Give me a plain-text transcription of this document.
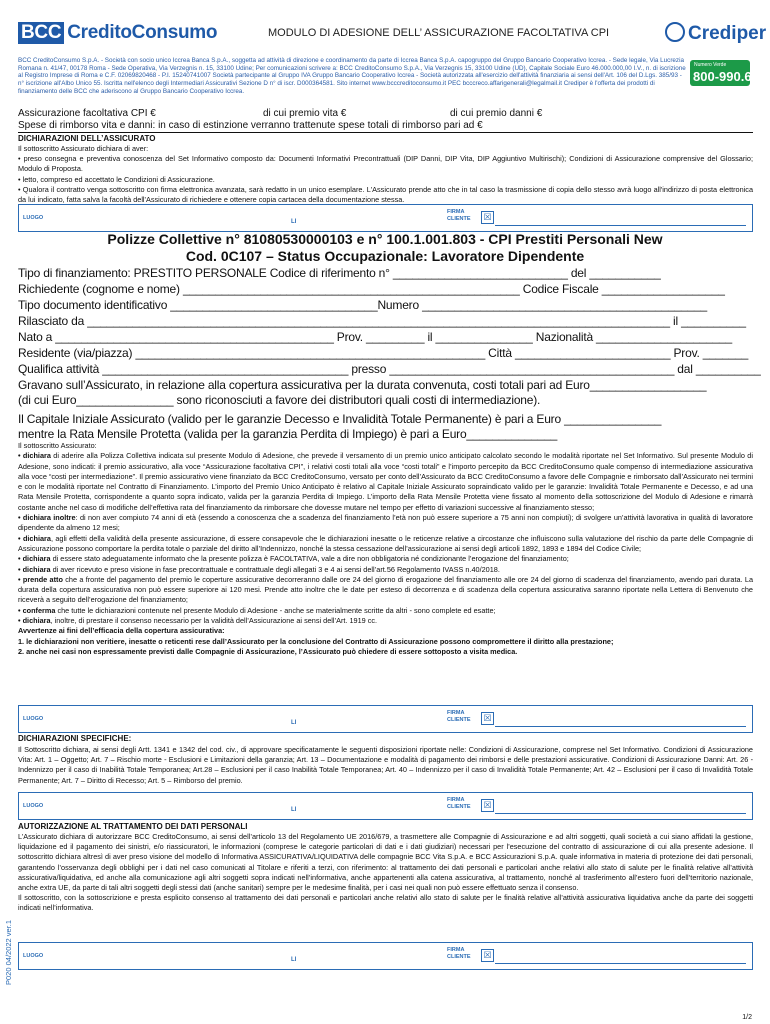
BCC CreditoConsumo	MODULO DI ADESIONE DELL’ ASSICURAZIONE FACOLTATIVA CPI	Crediper
Numero Verde
800-990.620
BCC CreditoConsumo S.p.A. - Società con socio unico Iccrea Banca S.p.A., soggetta ad attività di direzione e coordinamento da parte di Iccrea Banca S.p.A. capogruppo del Gruppo Bancario Cooperativo Iccrea. - Sede legale, Via Lucrezia Romana n. 41/47, 00178 Roma - Sede Operativa, Via Verzegnis n. 15, 33100 Udine; Per comunicazioni scrivere a: BCC CreditoConsumo S.p.A., Via Verzegnis 15, 33100 Udine (UD), Capitale Sociale Euro 46.000.000,00 I.V., n. di iscrizione al Registro Imprese di Roma e C.F. 02069820468 - P.I. 15240741007 Società partecipante al Gruppo IVA Gruppo Bancario Cooperativo Iccrea - Società autorizzata all'esercizio dell'attività finanziaria ai sensi dell'Art. 106 del D.Lgs. 385/93 - n° iscrizione all'Albo Unico 55. Iscritta nell'elenco degli Intermediari Assicurativi Sezione D n° di iscr. D000364581. Sito internet www.bcccreditoconsumo.it PEC bcccreco.affarigenerali@legalmail.it Crediper è l'offerta dei prodotti di finanziamento delle BCC che aderiscono al Gruppo Bancario Cooperativo Iccrea.
Assicurazione facoltativa CPI €	di cui premio vita €	di cui premio danni €
Spese di rimborso vita e danni: in caso di estinzione verranno trattenute spese totali di rimborso pari ad €
DICHIARAZIONI DELL’ASSICURATO
Il sottoscritto Assicurato dichiara di aver:
• preso consegna e preventiva conoscenza del Set Informativo composto da: Documenti Informativi Precontrattuali (DIP Danni, DIP Vita, DIP Aggiuntivo Multirischi); Condizioni di Assicurazione comprensive del Glossario; Modulo di Proposta.
• letto, compreso ed accettato le Condizioni di Assicurazione.
• Qualora il contratto venga sottoscritto con firma elettronica avanzata, sarà redatto in un unico esemplare. L'Assicurato prende atto che in tal caso la trasmissione di copia dello stesso avrà luogo all'indirizzo di posta elettronica da lui indicato, fatta salva la facoltà dell'Assicurato di richiedere e ottenere copia cartacea della documentazione stessa.
LUOGO
LI
FIRMA
CLIENTE ☒
Polizze Collettive n° 81080530000103 e n° 100.1.001.803 - CPI Prestiti Personali New
Cod. 0C107 – Status Occupazionale: Lavoratore Dipendente
Tipo di finanziamento: PRESTITO PERSONALE Codice di riferimento n° ___________________________ del ___________
Richiedente (cognome e nome) ____________________________________________________ Codice Fiscale ___________________
Tipo documento identificativo ________________________________Numero ____________________________________________
Rilasciato da __________________________________________________________________________________________ il __________
Nato a ___________________________________________ Prov. _________ il _______________ Nazionalità _____________________
Residente (via/piazza) ______________________________________________________ Città ________________________ Prov. _______
Qualifica attività ______________________________________ presso ____________________________________________ dal __________
Gravano sull’Assicurato, in relazione alla copertura assicurativa per la durata convenuta, costi totali pari ad Euro__________________
(di cui Euro_______________ sono riconosciuti a favore dei distributori quali costi di intermediazione).
Il Capitale Iniziale Assicurato (valido per le garanzie Decesso e Invalidità Totale Permanente) è pari a Euro _______________
mentre la Rata Mensile Protetta (valida per la garanzia Perdita di Impiego) è pari a Euro______________
Il sottoscritto Assicurato:
• dichiara di aderire alla Polizza Collettiva indicata sul presente Modulo di Adesione, che prevede il versamento di un premio unico anticipato calcolato secondo le modalità riportate nel Set Informativo. Sul presente Modulo di Adesione, sono indicati: il premio assicurativo, alla voce “Assicurazione facoltativa CPI”, i relativi costi totali alla voce “costi totali” e l’importo percepito da BCC CreditoConsumo quale compenso di intermediazione assicurativa alla voce “costi per intermediazione”. Il premio assicurativo viene finanziato da BCC CreditoConsumo, versato per conto dell’Assicurato da BCC CreditoConsumo a favore delle Compagnie e rimborsato dall’Assicurato nei termini e con le modalità riportate nel Contratto di Finanziamento. L’importo del Premio Unico Anticipato è relativo al Capitale Iniziale Assicurato sopraindicato valido per le garanzie: Invalidità Totale Permanente e Decesso, e ad una Rata Mensile Protetta, corrispondente a quanto sopra indicato, valida per la garanzia Perdita di Impiego. L’importo della Rata Mensile Protetta viene fissato al momento della sottoscrizione del Modulo di Adesione e rimarrà costante anche nel caso di modifiche dell’effettiva rata del finanziamento da rimborsare che dovesse mutare nel tempo per effetto di variazioni successive al finanziamento stesso;
• dichiara inoltre: di non aver compiuto 74 anni di età (essendo a conoscenza che a scadenza del finanziamento l’età non può essere superiore a 75 anni non compiuti); di svolgere un’attività lavorativa in qualità di lavoratore dipendente da almeno 12 mesi;
• dichiara, agli effetti della validità della presente assicurazione, di essere consapevole che le dichiarazioni inesatte o le reticenze relative a circostanze che influiscono sulla valutazione del rischio da parte delle Compagnie di Assicurazione possono comportare la perdita totale o parziale del diritto all’Indennizzo, nonché la stessa cessazione dell’assicurazione ai sensi degli articoli 1892, 1893 e 1894 del Codice Civile;
• dichiara di essere stato adeguatamente informato che la presente polizza è FACOLTATIVA, vale a dire non obbligatoria né condizionante l’erogazione del finanziamento;
• dichiara di aver ricevuto e preso visione in fase precontrattuale e contrattuale degli allegati 3 e 4 ai sensi dell’art.56 Regolamento IVASS n.40/2018.
• prende atto che a fronte del pagamento del premio le coperture assicurative decorreranno dalle ore 24 del giorno di erogazione del finanziamento alle ore 24 del giorno di scadenza del finanziamento, avendo pari durata. La durata della copertura assicurativa non può essere superiore ai 120 mesi. Prende atto inoltre che le date per esteso di decorrenza e di scadenza della copertura assicurativa saranno riportate nella Lettera di Benvenuto che riceverà a seguito dell’erogazione del finanziamento;
• conferma che tutte le dichiarazioni contenute nel presente Modulo di Adesione - anche se materialmente scritte da altri - sono complete ed esatte;
• dichiara, inoltre, di prestare il consenso necessario per la validità dell’Assicurazione ai sensi dell’Art. 1919 cc.
Avvertenze ai fini dell’efficacia della copertura assicurativa:
1. le dichiarazioni non veritiere, inesatte o reticenti rese dall’Assicurato per la conclusione del Contratto di Assicurazione possono compromettere il diritto alla prestazione;
2. anche nei casi non espressamente previsti dalle Compagnie di Assicurazione, l’Assicurato può chiedere di essere sottoposto a visita medica.
LUOGO
LI
FIRMA
CLIENTE ☒
DICHIARAZIONI SPECIFICHE:
Il Sottoscritto dichiara, ai sensi degli Artt. 1341 e 1342 del cod. civ., di approvare specificatamente le seguenti disposizioni riportate nelle: Condizioni di Assicurazione, comprese nel Set Informativo. Condizioni di Assicurazione Vita: Art. 1 – Oggetto; Art. 7 – Rischio morte - Esclusioni e Limitazioni della garanzia; Art. 13 – Documentazione e modalità di pagamento dei rimborsi e delle prestazioni assicurative. Condizioni di Assicurazione Danni: Art. 26 - Indennizzo per il caso di Inabilità Totale Temporanea; Art.28 – Esclusioni per il caso Inabilità Totale Temporanea; Art. 40 – Indennizzo per il caso di Invalidità Totale Permanente; Art. 42 – Esclusioni per il caso di Invalidità Totale Permanente; Art. 7 – Diritto di Recesso; Art. 5 – Rimborso del premio.
LUOGO
LI
FIRMA
CLIENTE ☒
AUTORIZZAZIONE AL TRATTAMENTO DEI DATI PERSONALI
L’Assicurato dichiara di autorizzare BCC CreditoConsumo, ai sensi dell’articolo 13 del Regolamento UE 2016/679, a trasmettere alle Compagnie di Assicurazione e ad altri soggetti, quali società a cui siano affidati la gestione, liquidazione ed il pagamento dei sinistri, e/o riassicuratori, le informazioni (comprese le categorie particolari di dati e i dati giudiziari) necessari per l’esecuzione del contratto di assicurazione di cui alla presente adesione. Il sottoscritto dichiara altresì di aver preso visione del modello di Informativa ASSICURATIVA/LIQUIDATIVA delle compagnie BCC Vita S.p.A. e BCC Assicurazioni S.p.A. quale informativa in materia di protezione dei dati personali, garantendo l’osservanza degli obblighi per i dati nel caso comunicati al Titolare e riferiti a terzi, con riferimento: al trattamento dei dati personali e particolari anche relativi allo stato di salute per le finalità relative all’attività assicurativa/liquidativa, ed anche alla comunicazione agli altri soggetti sopra indicati nell’informativa, anche appartenenti alla catena assicurativa, al trattamento, nonché al trasferimento all’estero fuori dell’territorio nazionale, anche extra UE, da parte di tali altri soggetti degli stessi dati (anche sanitari) sempre per le medesime finalità, per i casi nei quali non può essere effettuato senza il consenso.
Il sottoscritto, con la sottoscrizione e presta esplicito consenso al trattamento dei dati personali e particolari anche relativi allo stato di salute per le finalità relative all’attività assicurativa liquidativa anche da parte dei soggetti indicati nell’informativa.
LUOGO
LI
FIRMA
CLIENTE ☒
P020 04/2022 ver.1
1/2
